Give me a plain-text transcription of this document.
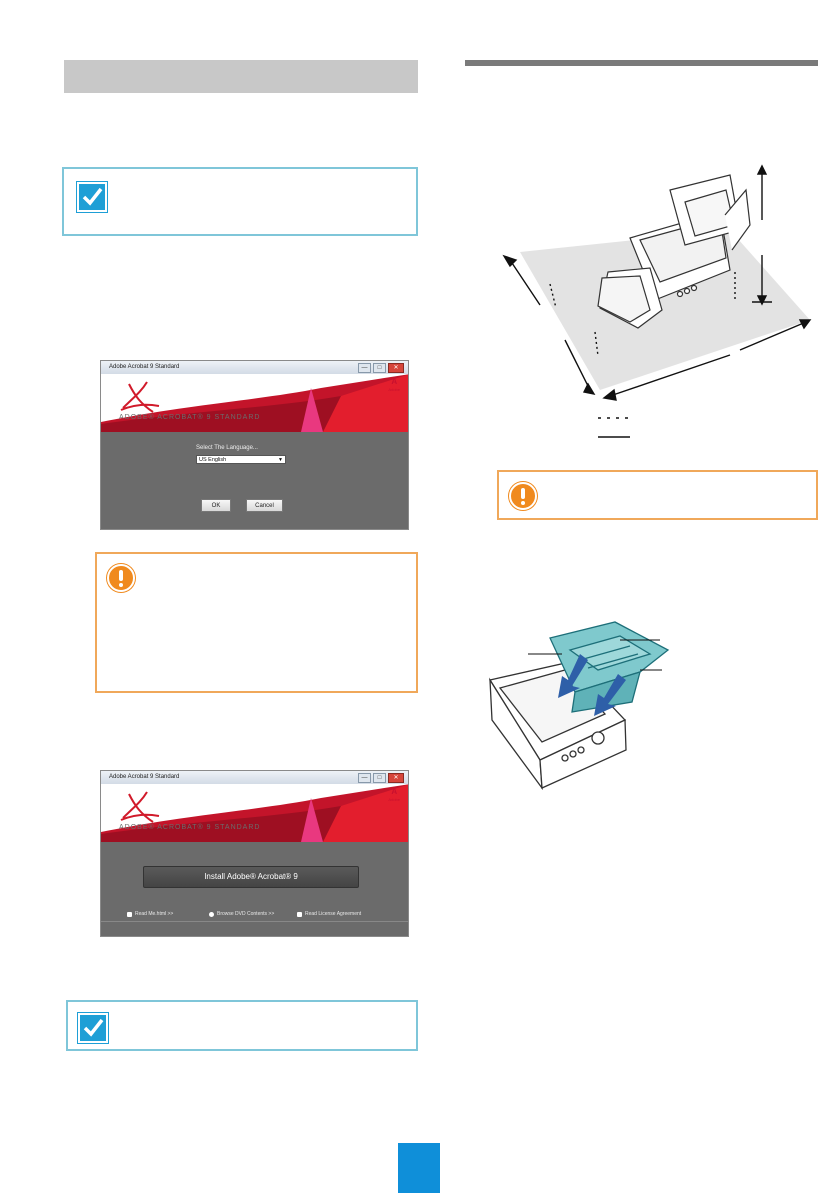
Adobe Acrobat 9 Standard	—	□	✕
ADOBE® ACROBAT® 9 STANDARD
A
Adobe
Select The Language...
US English	▼
OK	Cancel
Adobe Acrobat 9 Standard	—	□	✕
ADOBE® ACROBAT® 9 STANDARD
A
Adobe
Install Adobe® Acrobat® 9
Read Me.html >>	Browse DVD Contents >>	Read License Agreement
